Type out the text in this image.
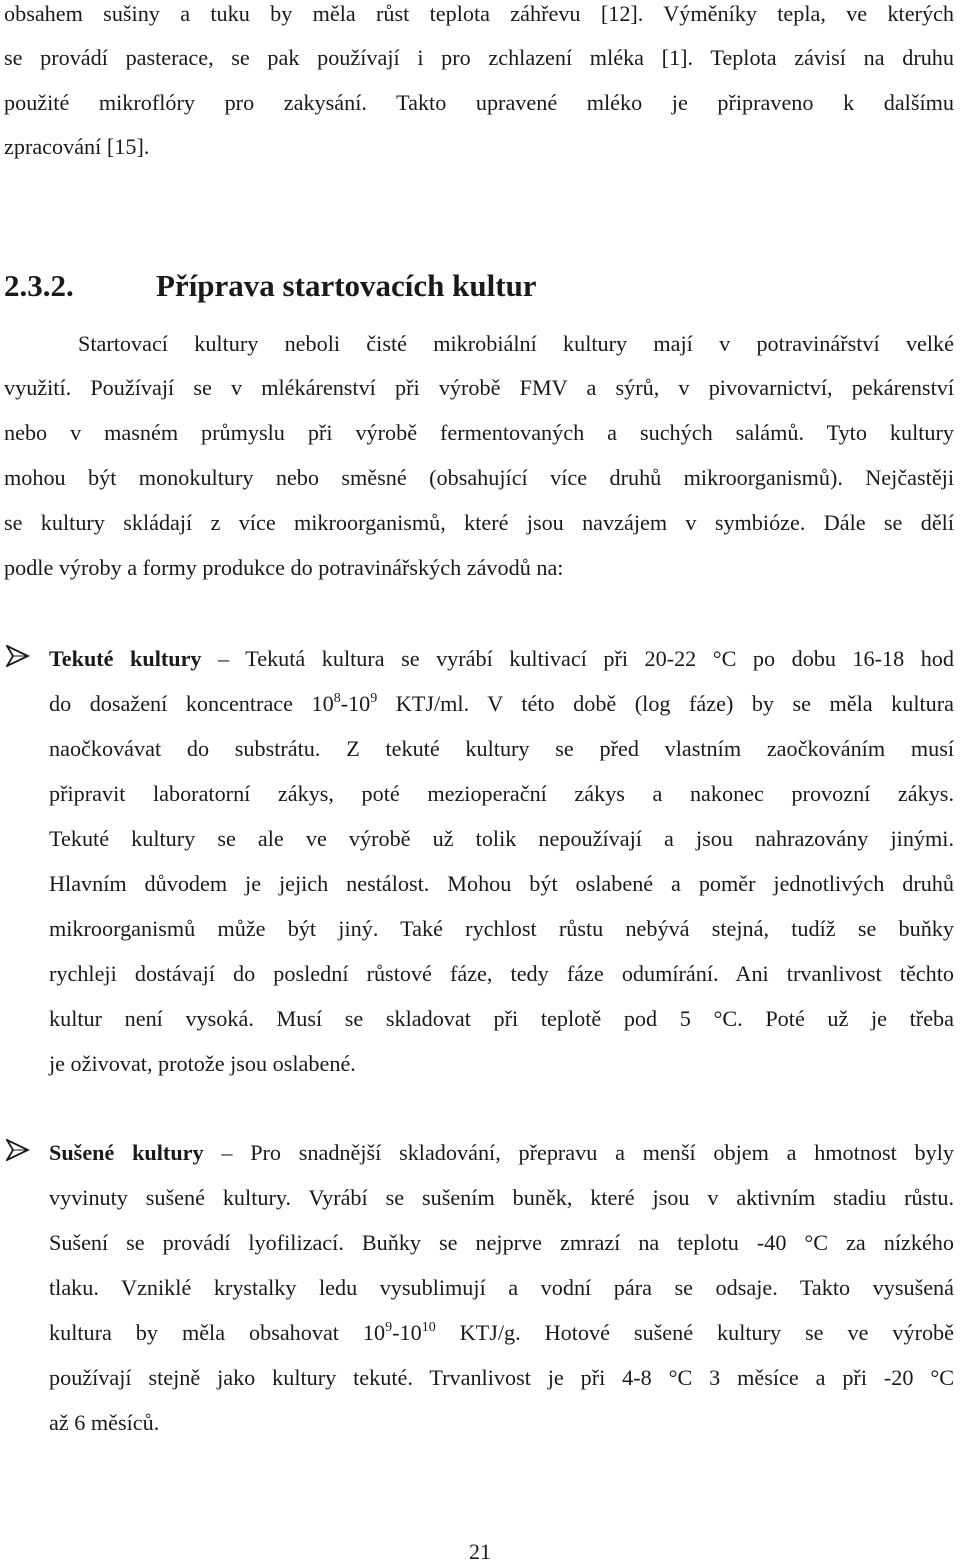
obsahem sušiny a tuku by měla růst teplota záhřevu [12]. Výměníky tepla, ve kterých
se provádí pasterace, se pak používají i pro zchlazení mléka [1]. Teplota závisí na druhu
použité mikroflóry pro zakysání. Takto upravené mléko je připraveno k dalšímu
zpracování [15].
2.3.2.	Příprava startovacích kultur
Startovací kultury neboli čisté mikrobiální kultury mají v potravinářství velké
využití. Používají se v mlékárenství při výrobě FMV a sýrů, v pivovarnictví, pekárenství
nebo v masném průmyslu při výrobě fermentovaných a suchých salámů. Tyto kultury
mohou být monokultury nebo směsné (obsahující více druhů mikroorganismů). Nejčastěji
se kultury skládají z více mikroorganismů, které jsou navzájem v symbióze. Dále se dělí
podle výroby a formy produkce do potravinářských závodů na:
Tekuté kultury – Tekutá kultura se vyrábí kultivací při 20-22 °C po dobu 16-18 hod
do dosažení koncentrace $10^8-10^9$ KTJ/ml. V této době (log fáze) by se měla kultura
naočkovávat do substrátu. Z tekuté kultury se před vlastním zaočkováním musí
připravit laboratorní zákys, poté mezioperační zákys a nakonec provozní zákys.
Tekuté kultury se ale ve výrobě už tolik nepoužívají a jsou nahrazovány jinými.
Hlavním důvodem je jejich nestálost. Mohou být oslabené a poměr jednotlivých druhů
mikroorganismů může být jiný. Také rychlost růstu nebývá stejná, tudíž se buňky
rychleji dostávají do poslední růstové fáze, tedy fáze odumírání. Ani trvanlivost těchto
kultur není vysoká. Musí se skladovat při teplotě pod 5 °C. Poté už je třeba
je oživovat, protože jsou oslabené.
Sušené kultury – Pro snadnější skladování, přepravu a menší objem a hmotnost byly
vyvinuty sušené kultury. Vyrábí se sušením buněk, které jsou v aktivním stadiu růstu.
Sušení se provádí lyofilizací. Buňky se nejprve zmrazí na teplotu -40 °C za nízkého
tlaku. Vzniklé krystalky ledu vysublimují a vodní pára se odsaje. Takto vysušená
kultura by měla obsahovat $10^9-10^{10}$ KTJ/g. Hotové sušené kultury se ve výrobě
používají stejně jako kultury tekuté. Trvanlivost je při 4-8 °C 3 měsíce a při -20 °C
až 6 měsíců.
21
